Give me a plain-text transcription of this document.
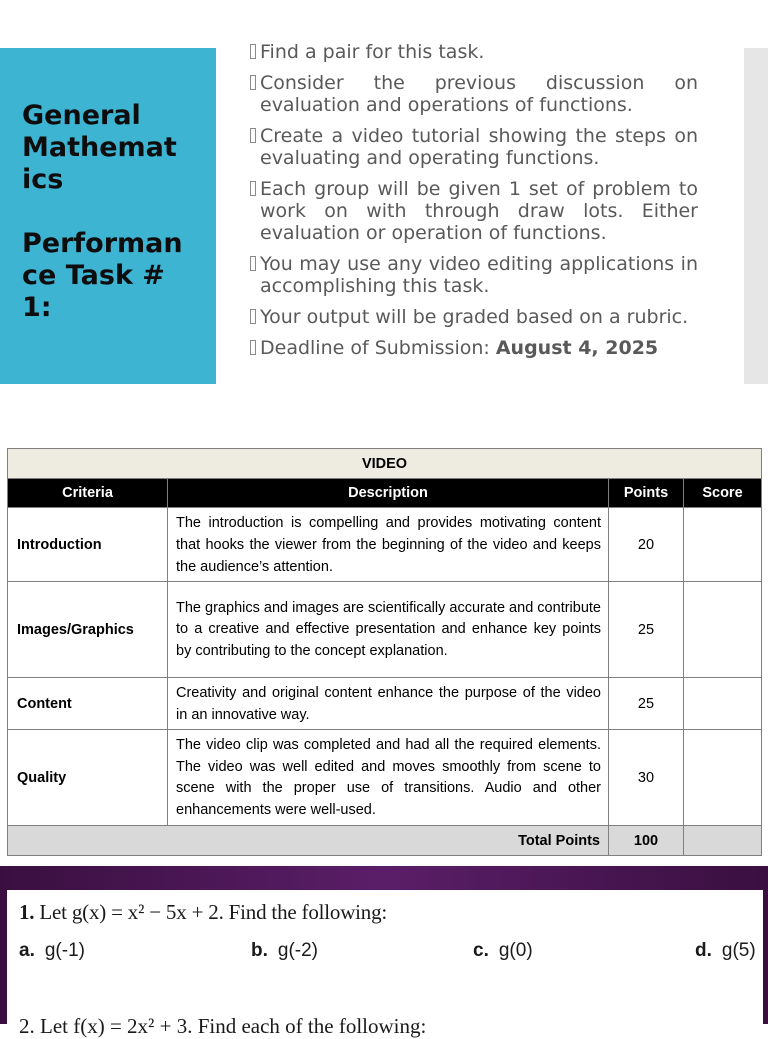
General
Mathemat
ics
Performan
ce Task #
1:
Find a pair for this task.
Consider the previous discussion on evaluation and operations of functions.
Create a video tutorial showing the steps on evaluating and operating functions.
Each group will be given 1 set of problem to work on with through draw lots. Either evaluation or operation of functions.
You may use any video editing applications in accomplishing this task.
Your output will be graded based on a rubric.
Deadline of Submission: August 4, 2025
VIDEO			
Criteria	Description	Points	Score
Introduction	The introduction is compelling and provides motivating content that hooks the viewer from the beginning of the video and keeps the audience’s attention.	20	
Images/Graphics	The graphics and images are scientifically accurate and contribute to a creative and effective presentation and enhance key points by contributing to the concept explanation.	25	
Content	Creativity and original content enhance the purpose of the video in an innovative way.	25	
Quality	The video clip was completed and had all the required elements. The video was well edited and moves smoothly from scene to scene with the proper use of transitions. Audio and other enhancements were well-used.	30	
Total Points		100	
1. Let g(x) = x² − 5x + 2. Find the following:
a. g(-1)	b. g(-2)	c. g(0)	d. g(5)
2. Let f(x) = 2x² + 3. Find each of the following:
